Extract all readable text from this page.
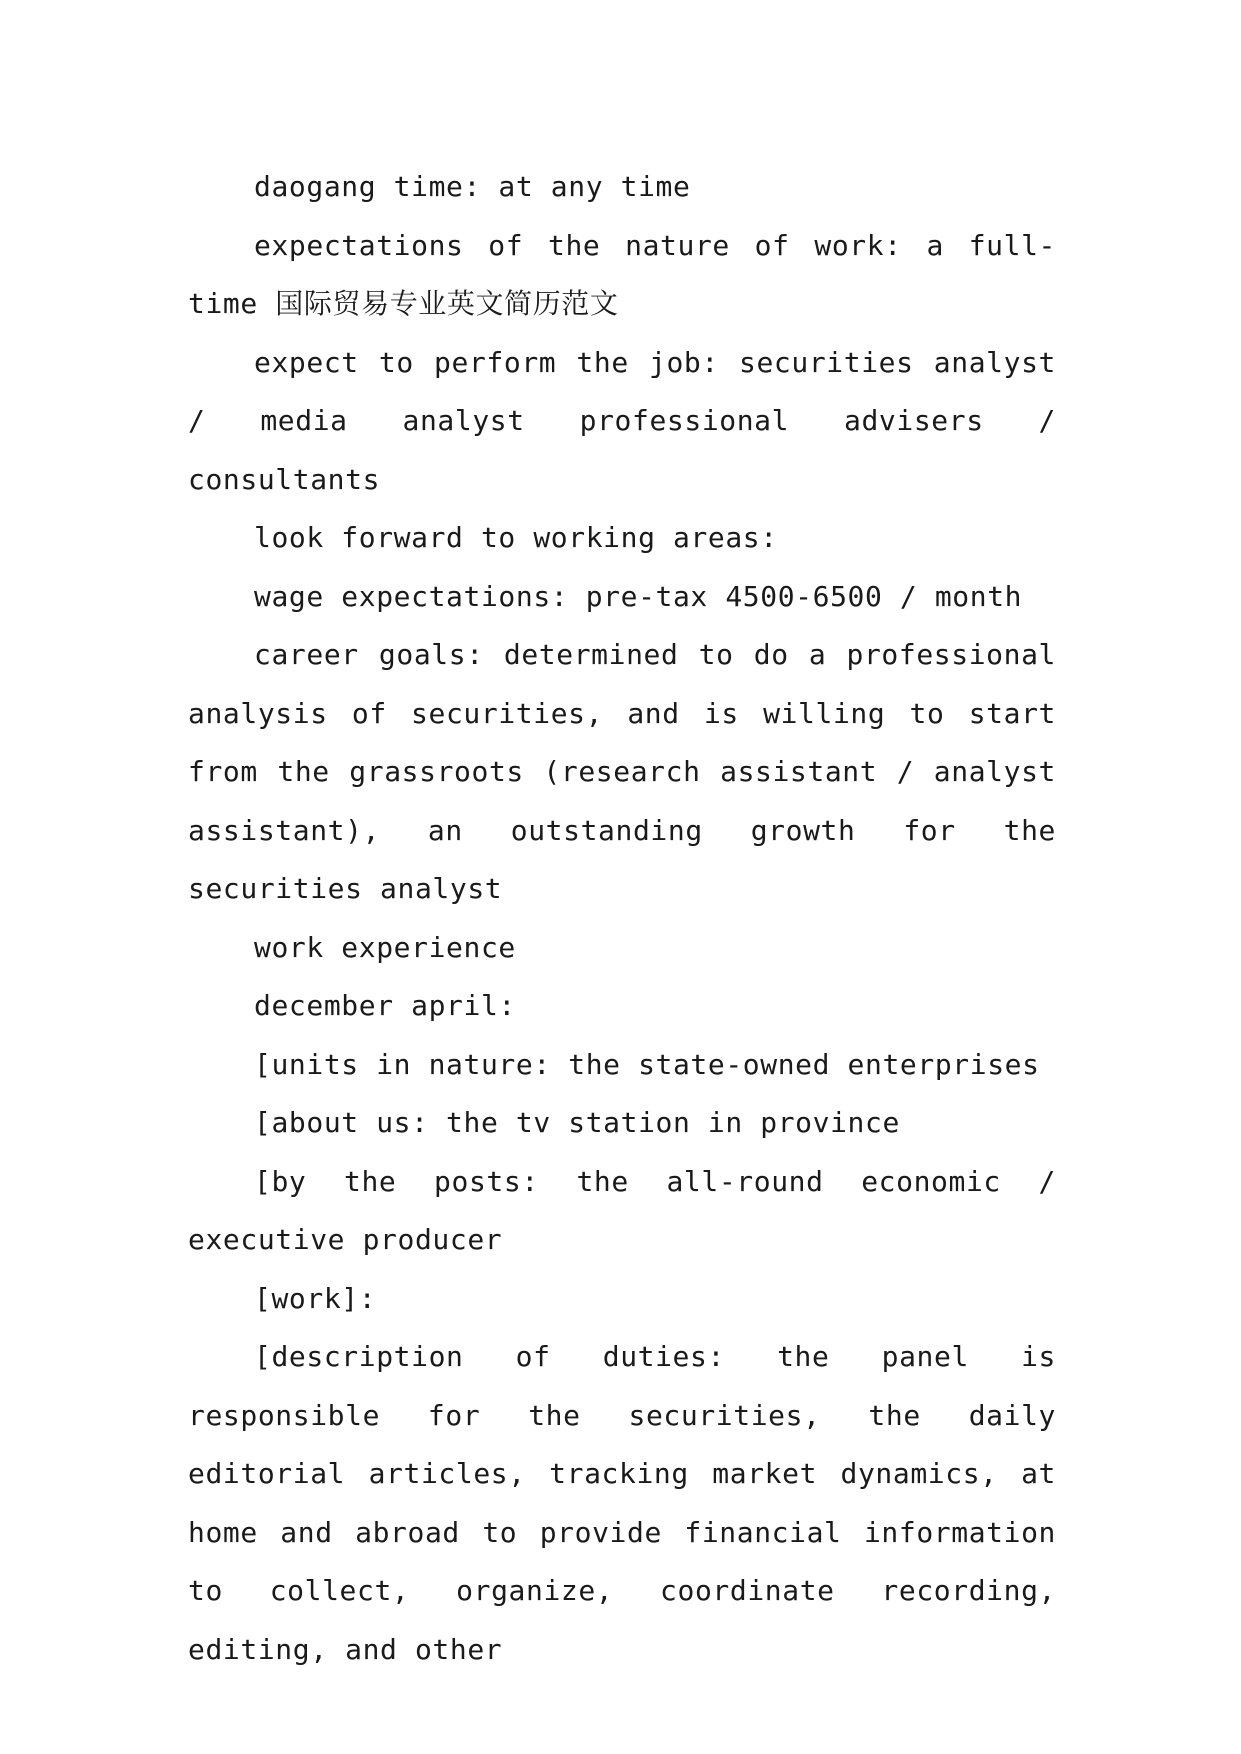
daogang time: at any time

expectations of the nature of work: a full-time 国际贸易专业英文简历范文

expect to perform the job: securities analyst / media analyst professional advisers / consultants

look forward to working areas:

wage expectations: pre-tax 4500-6500 / month

career goals: determined to do a professional analysis of securities, and is willing to start from the grassroots (research assistant / analyst assistant), an outstanding growth for the securities analyst

work experience

december april:

[units in nature: the state-owned enterprises

[about us: the tv station in province

[by the posts: the all-round economic / executive producer

[work]:

[description of duties: the panel is responsible for the securities, the daily editorial articles, tracking market dynamics, at home and abroad to provide financial information to collect, organize, coordinate recording, editing, and other
